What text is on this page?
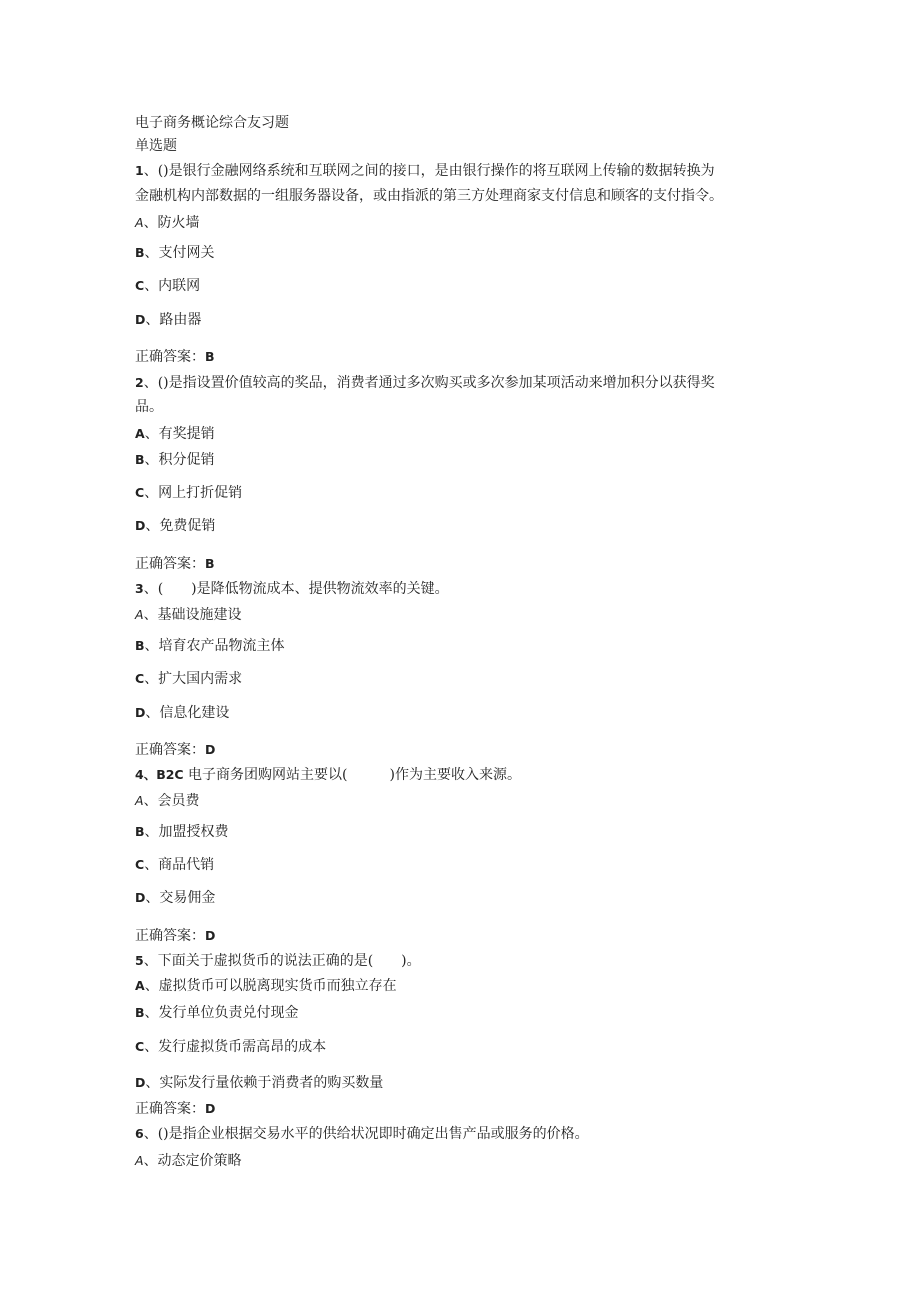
电子商务概论综合友习题
单选题
1、()是银行金融网络系统和互联网之间的接口，是由银行操作的将互联网上传输的数据转换为
金融机构内部数据的一组服务器设备，或由指派的第三方处理商家支付信息和顾客的支付指令。
A、防火墙
B、支付网关
C、内联网
D、路由器
正确答案：B
2、()是指设置价值较高的奖品，消费者通过多次购买或多次参加某项活动来增加积分以获得奖
品。
A、有奖提销
B、积分促销
C、网上打折促销
D、免费促销
正确答案：B
3、(　　)是降低物流成本、提供物流效率的关键。
A、基础设施建设
B、培育农产品物流主体
C、扩大国内需求
D、信息化建设
正确答案：D
4、B2C 电子商务团购网站主要以(　　　)作为主要收入来源。
A、会员费
B、加盟授权费
C、商品代销
D、交易佣金
正确答案：D
5、下面关于虚拟货币的说法正确的是(　　)。
A、虚拟货币可以脱离现实货币而独立存在
B、发行单位负责兑付现金
C、发行虚拟货币需高昂的成本
D、实际发行量依赖于消费者的购买数量
正确答案：D
6、()是指企业根据交易水平的供给状况即时确定出售产品或服务的价格。
A、动态定价策略
